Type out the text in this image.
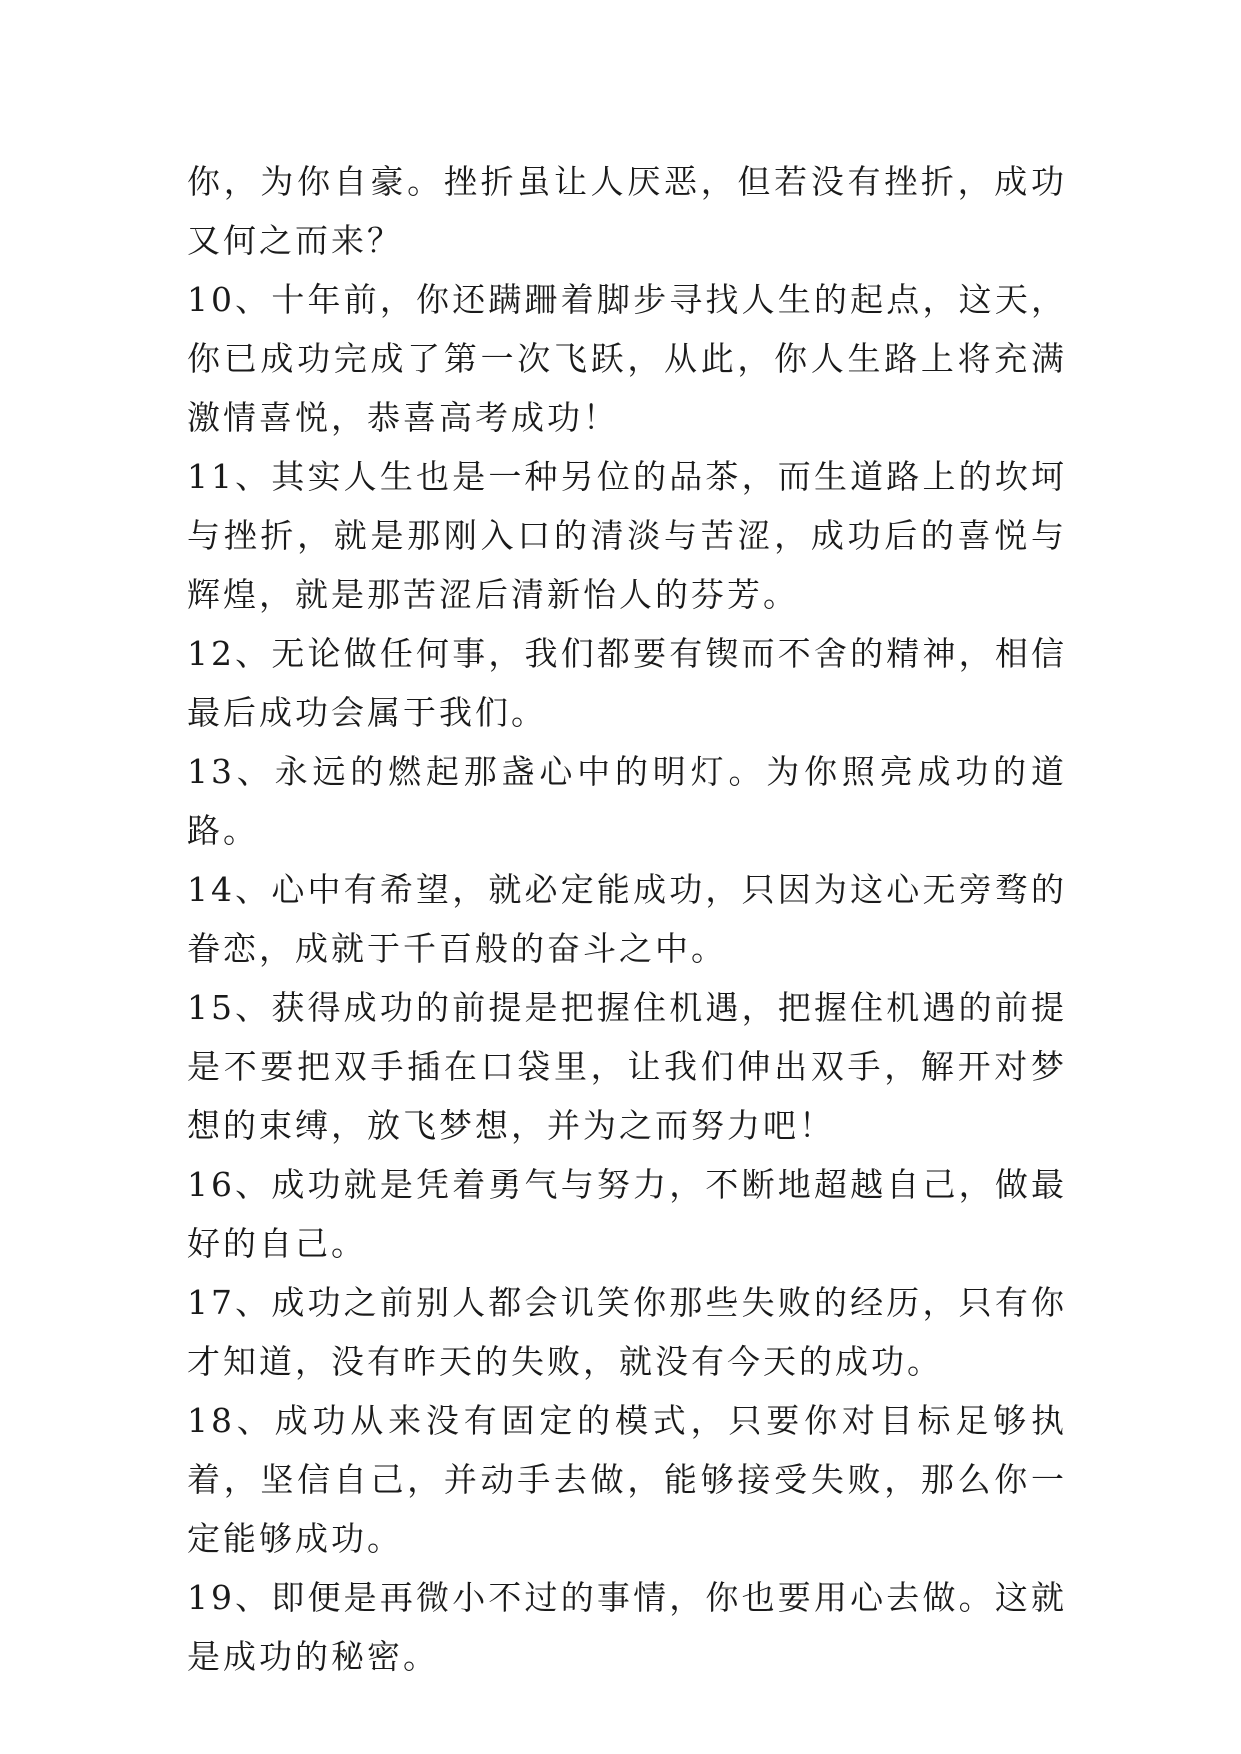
你，为你自豪。挫折虽让人厌恶，但若没有挫折，成功又何之而来？

10、十年前，你还蹒跚着脚步寻找人生的起点，这天，你已成功完成了第一次飞跃，从此，你人生路上将充满激情喜悦，恭喜高考成功！

11、其实人生也是一种另位的品茶，而生道路上的坎坷与挫折，就是那刚入口的清淡与苦涩，成功后的喜悦与辉煌，就是那苦涩后清新怡人的芬芳。

12、无论做任何事，我们都要有锲而不舍的精神，相信最后成功会属于我们。

13、永远的燃起那盏心中的明灯。为你照亮成功的道路。

14、心中有希望，就必定能成功，只因为这心无旁骛的眷恋，成就于千百般的奋斗之中。

15、获得成功的前提是把握住机遇，把握住机遇的前提是不要把双手插在口袋里，让我们伸出双手，解开对梦想的束缚，放飞梦想，并为之而努力吧！

16、成功就是凭着勇气与努力，不断地超越自己，做最好的自己。

17、成功之前别人都会讥笑你那些失败的经历，只有你才知道，没有昨天的失败，就没有今天的成功。

18、成功从来没有固定的模式，只要你对目标足够执着，坚信自己，并动手去做，能够接受失败，那么你一定能够成功。

19、即便是再微小不过的事情，你也要用心去做。这就是成功的秘密。
